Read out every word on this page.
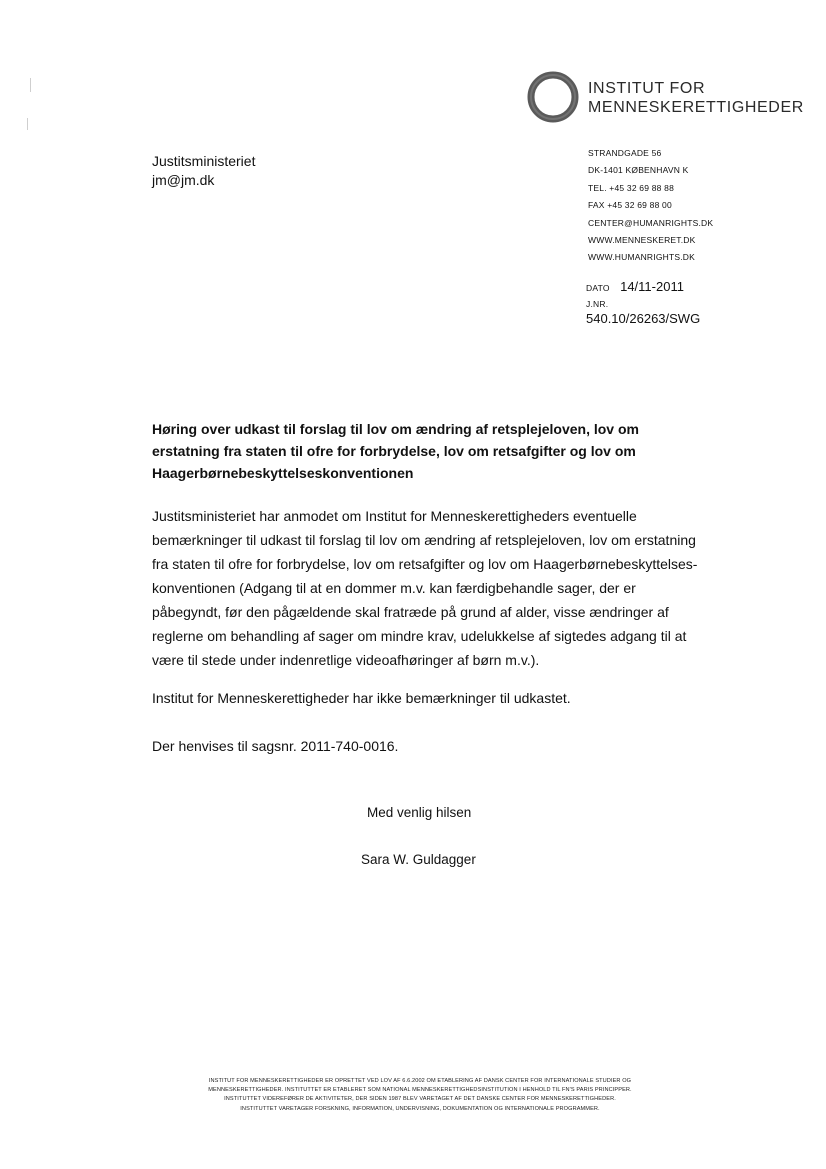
INSTITUT FOR
MENNESKERETTIGHEDER
Justitsministeriet
jm@jm.dk
STRANDGADE 56
DK-1401 KØBENHAVN K
TEL. +45 32 69 88 88
FAX +45 32 69 88 00
CENTER@HUMANRIGHTS.DK
WWW.MENNESKERET.DK
WWW.HUMANRIGHTS.DK
DATO 14/11-2011
J.NR.
540.10/26263/SWG
Høring over udkast til forslag til lov om ændring af retsplejeloven, lov om erstatning fra staten til ofre for forbrydelse, lov om retsafgifter og lov om Haagerbørnebeskyttelseskonventionen
Justitsministeriet har anmodet om Institut for Menneskerettigheders eventuelle
bemærkninger til udkast til forslag til lov om ændring af retsplejeloven, lov om erstatning
fra staten til ofre for forbrydelse, lov om retsafgifter og lov om Haagerbørnebeskyttelses-
konventionen (Adgang til at en dommer m.v. kan færdigbehandle sager, der er
påbegyndt, før den pågældende skal fratræde på grund af alder, visse ændringer af
reglerne om behandling af sager om mindre krav, udelukkelse af sigtedes adgang til at
være til stede under indenretlige videoafhøringer af børn m.v.).
Institut for Menneskerettigheder har ikke bemærkninger til udkastet.
Der henvises til sagsnr. 2011-740-0016.
Med venlig hilsen
Sara W. Guldagger
INSTITUT FOR MENNESKERETTIGHEDER ER OPRETTET VED LOV AF 6.6.2002 OM ETABLERING AF DANSK CENTER FOR INTERNATIONALE STUDIER OG
MENNESKERETTIGHEDER. INSTITUTTET ER ETABLERET SOM NATIONAL MENNESKERETTIGHEDSINSTITUTION I HENHOLD TIL FN'S PARIS PRINCIPPER.
INSTITUTTET VIDEREFØRER DE AKTIVITETER, DER SIDEN 1987 BLEV VARETAGET AF DET DANSKE CENTER FOR MENNESKERETTIGHEDER.
INSTITUTTET VARETAGER FORSKNING, INFORMATION, UNDERVISNING, DOKUMENTATION OG INTERNATIONALE PROGRAMMER.
